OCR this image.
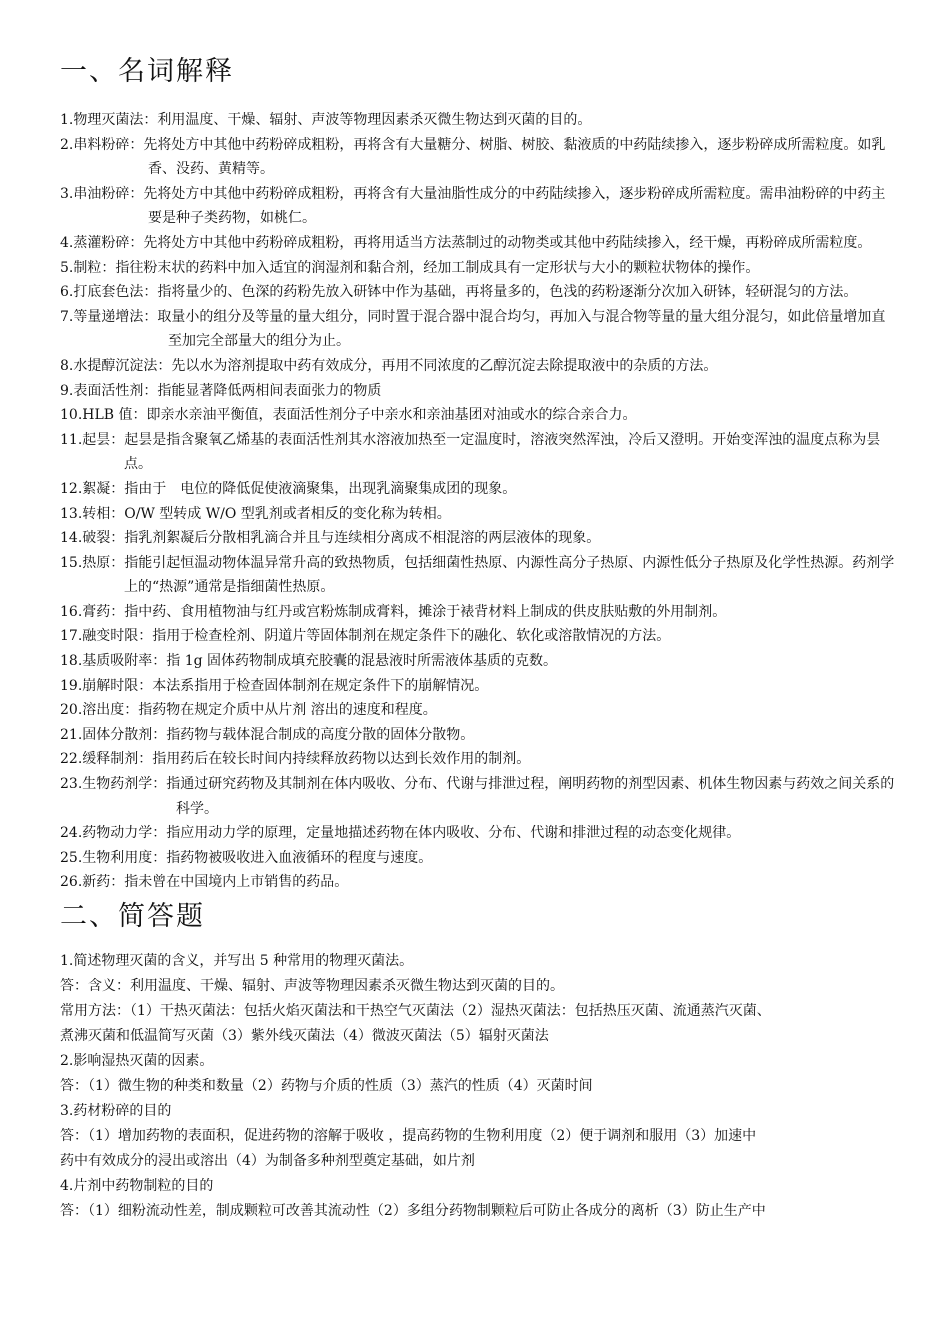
一、名词解释
1.物理灭菌法：利用温度、干燥、辐射、声波等物理因素杀灭微生物达到灭菌的目的。
2.串料粉碎：先将处方中其他中药粉碎成粗粉，再将含有大量糖分、树脂、树胶、黏液质的中药陆续掺入，逐步粉碎成所需粒度。如乳香、没药、黄精等。
3.串油粉碎：先将处方中其他中药粉碎成粗粉，再将含有大量油脂性成分的中药陆续掺入，逐步粉碎成所需粒度。需串油粉碎的中药主要是种子类药物，如桃仁。
4.蒸灌粉碎：先将处方中其他中药粉碎成粗粉，再将用适当方法蒸制过的动物类或其他中药陆续掺入，经干燥，再粉碎成所需粒度。
5.制粒：指往粉末状的药料中加入适宜的润湿剂和黏合剂，经加工制成具有一定形状与大小的颗粒状物体的操作。
6.打底套色法：指将量少的、色深的药粉先放入研钵中作为基础，再将量多的，色浅的药粉逐渐分次加入研钵，轻研混匀的方法。
7.等量递增法：取量小的组分及等量的量大组分，同时置于混合器中混合均匀，再加入与混合物等量的量大组分混匀，如此倍量增加直至加完全部量大的组分为止。
8.水提醇沉淀法：先以水为溶剂提取中药有效成分，再用不同浓度的乙醇沉淀去除提取液中的杂质的方法。
9.表面活性剂：指能显著降低两相间表面张力的物质
10.HLB 值：即亲水亲油平衡值，表面活性剂分子中亲水和亲油基团对油或水的综合亲合力。
11.起昙：起昙是指含聚氧乙烯基的表面活性剂其水溶液加热至一定温度时，溶液突然浑浊，冷后又澄明。开始变浑浊的温度点称为昙点。
12.絮凝：指由于　电位的降低促使液滴聚集，出现乳滴聚集成团的现象。
13.转相：O/W 型转成 W/O 型乳剂或者相反的变化称为转相。
14.破裂：指乳剂絮凝后分散相乳滴合并且与连续相分离成不相混溶的两层液体的现象。
15.热原：指能引起恒温动物体温异常升高的致热物质，包括细菌性热原、内源性高分子热原、内源性低分子热原及化学性热源。药剂学上的“热源”通常是指细菌性热原。
16.膏药：指中药、食用植物油与红丹或宫粉炼制成膏料，摊涂于裱背材料上制成的供皮肤贴敷的外用制剂。
17.融变时限：指用于检查栓剂、阴道片等固体制剂在规定条件下的融化、软化或溶散情况的方法。
18.基质吸附率：指 1g 固体药物制成填充胶囊的混悬液时所需液体基质的克数。
19.崩解时限：本法系指用于检查固体制剂在规定条件下的崩解情况。
20.溶出度：指药物在规定介质中从片剂 溶出的速度和程度。
21.固体分散剂：指药物与载体混合制成的高度分散的固体分散物。
22.缓释制剂：指用药后在较长时间内持续释放药物以达到长效作用的制剂。
23.生物药剂学：指通过研究药物及其制剂在体内吸收、分布、代谢与排泄过程，阐明药物的剂型因素、机体生物因素与药效之间关系的科学。
24.药物动力学：指应用动力学的原理，定量地描述药物在体内吸收、分布、代谢和排泄过程的动态变化规律。
25.生物利用度：指药物被吸收进入血液循环的程度与速度。
26.新药：指未曾在中国境内上市销售的药品。
二、简答题
1.简述物理灭菌的含义，并写出 5 种常用的物理灭菌法。
答：含义：利用温度、干燥、辐射、声波等物理因素杀灭微生物达到灭菌的目的。
常用方法：（1）干热灭菌法：包括火焰灭菌法和干热空气灭菌法（2）湿热灭菌法：包括热压灭菌、流通蒸汽灭菌、
煮沸灭菌和低温简写灭菌（3）紫外线灭菌法（4）微波灭菌法（5）辐射灭菌法
2.影响湿热灭菌的因素。
答：（1）微生物的种类和数量（2）药物与介质的性质（3）蒸汽的性质（4）灭菌时间
3.药材粉碎的目的
答：（1）增加药物的表面积，促进药物的溶解于吸收 ，提高药物的生物利用度（2）便于调剂和服用（3）加速中
药中有效成分的浸出或溶出（4）为制备多种剂型奠定基础，如片剂
4.片剂中药物制粒的目的
答：（1）细粉流动性差，制成颗粒可改善其流动性（2）多组分药物制颗粒后可防止各成分的离析（3）防止生产中
